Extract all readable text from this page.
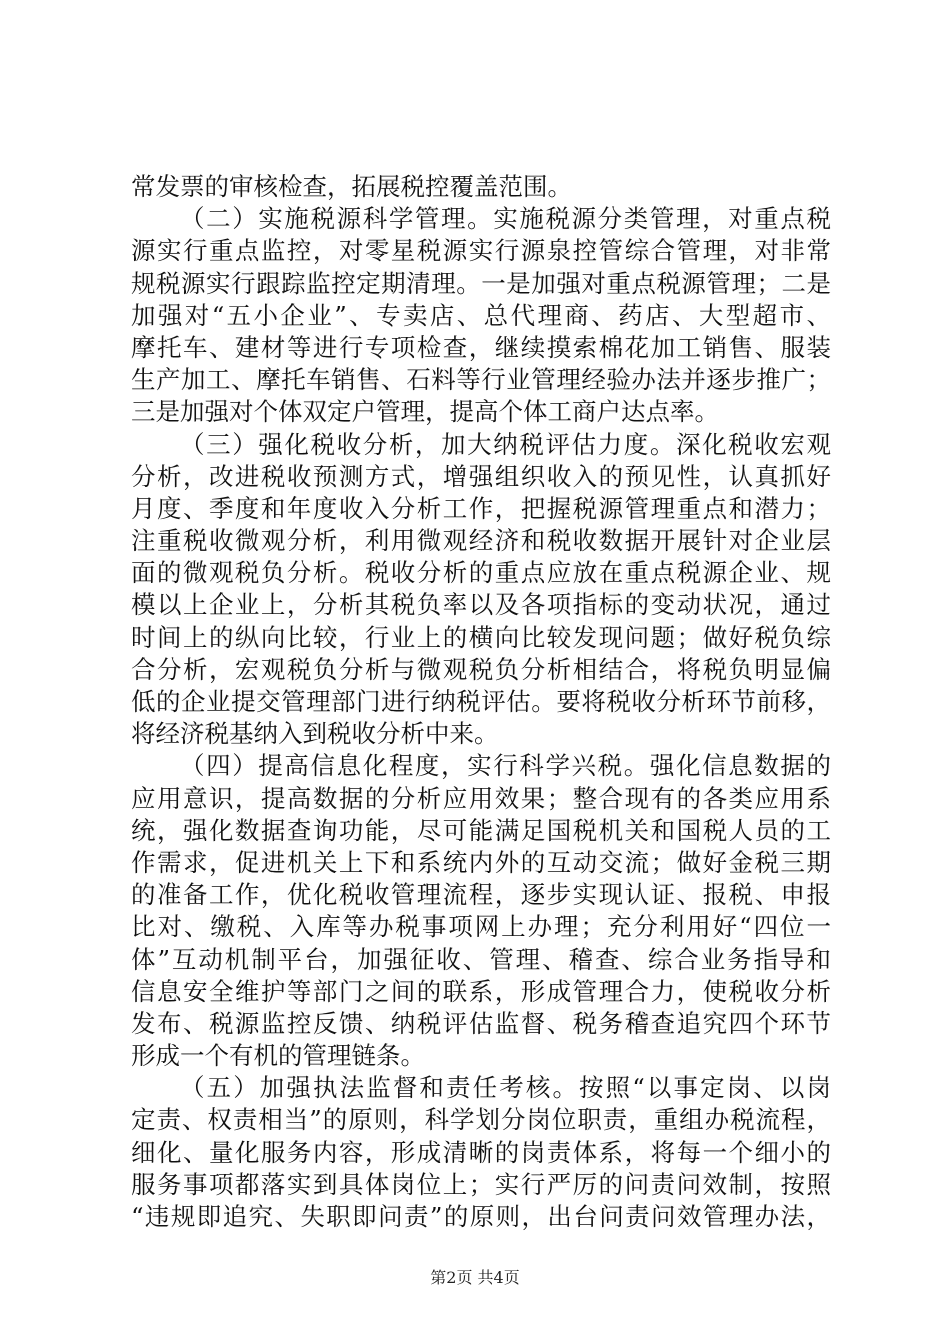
常发票的审核检查，拓展税控覆盖范围。
（二）实施税源科学管理。实施税源分类管理，对重点税
源实行重点监控，对零星税源实行源泉控管综合管理，对非常
规税源实行跟踪监控定期清理。一是加强对重点税源管理；二是
加强对“五小企业”、专卖店、总代理商、药店、大型超市、
摩托车、建材等进行专项检查，继续摸索棉花加工销售、服装
生产加工、摩托车销售、石料等行业管理经验办法并逐步推广；
三是加强对个体双定户管理，提高个体工商户达点率。
（三）强化税收分析，加大纳税评估力度。深化税收宏观
分析，改进税收预测方式，增强组织收入的预见性，认真抓好
月度、季度和年度收入分析工作，把握税源管理重点和潜力；
注重税收微观分析，利用微观经济和税收数据开展针对企业层
面的微观税负分析。税收分析的重点应放在重点税源企业、规
模以上企业上，分析其税负率以及各项指标的变动状况，通过
时间上的纵向比较，行业上的横向比较发现问题；做好税负综
合分析，宏观税负分析与微观税负分析相结合，将税负明显偏
低的企业提交管理部门进行纳税评估。要将税收分析环节前移，
将经济税基纳入到税收分析中来。
（四）提高信息化程度，实行科学兴税。强化信息数据的
应用意识，提高数据的分析应用效果；整合现有的各类应用系
统，强化数据查询功能，尽可能满足国税机关和国税人员的工
作需求，促进机关上下和系统内外的互动交流；做好金税三期
的准备工作，优化税收管理流程，逐步实现认证、报税、申报
比对、缴税、入库等办税事项网上办理；充分利用好“四位一
体”互动机制平台，加强征收、管理、稽查、综合业务指导和
信息安全维护等部门之间的联系，形成管理合力，使税收分析
发布、税源监控反馈、纳税评估监督、税务稽查追究四个环节
形成一个有机的管理链条。
（五）加强执法监督和责任考核。按照“以事定岗、以岗
定责、权责相当”的原则，科学划分岗位职责，重组办税流程，
细化、量化服务内容，形成清晰的岗责体系，将每一个细小的
服务事项都落实到具体岗位上；实行严厉的问责问效制，按照
“违规即追究、失职即问责”的原则，出台问责问效管理办法，
第2页 共4页
